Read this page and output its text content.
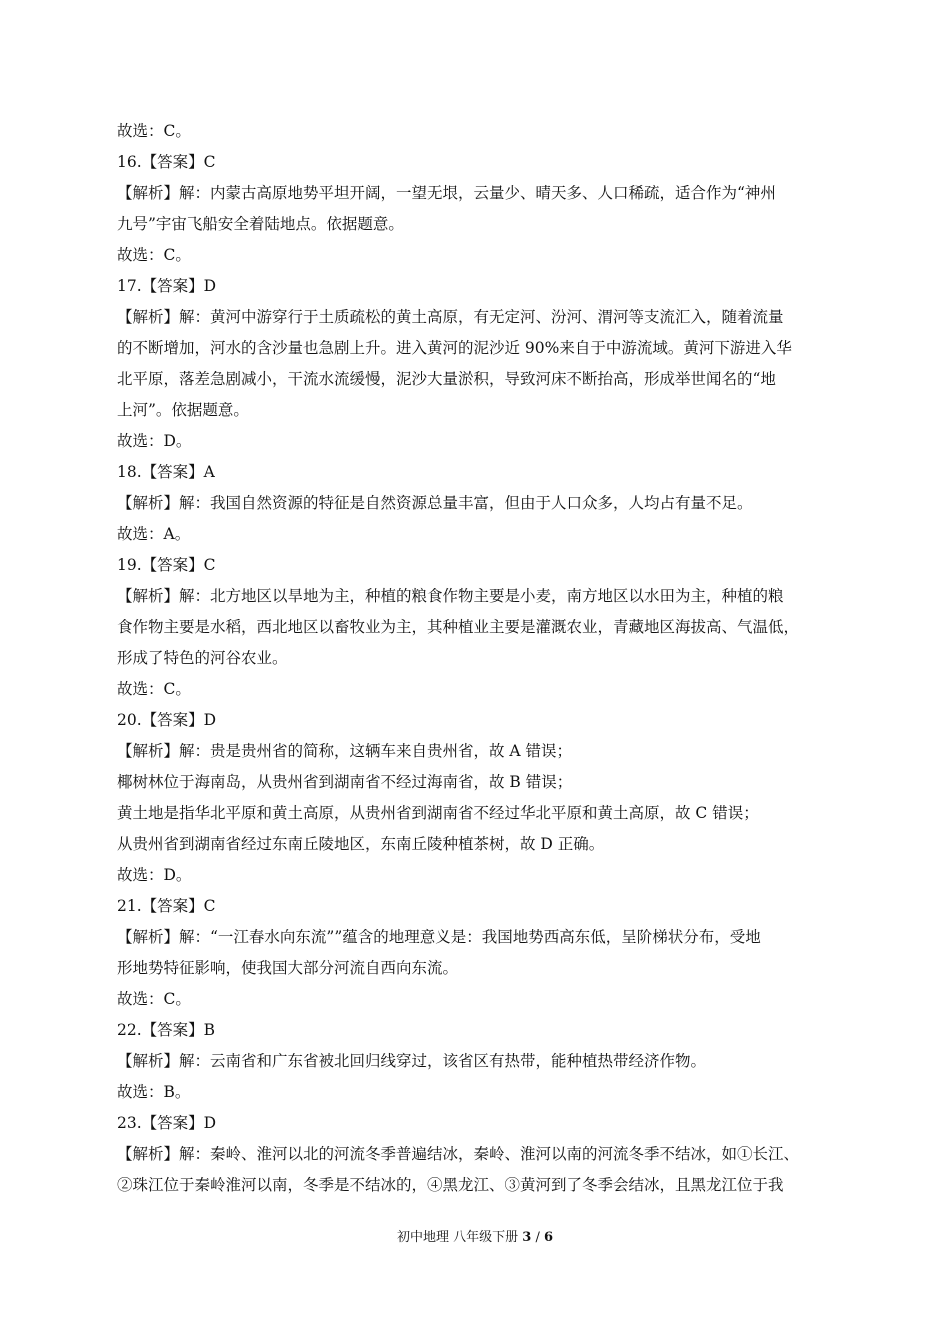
故选：C。
16.【答案】C
【解析】解：内蒙古高原地势平坦开阔，一望无垠，云量少、晴天多、人口稀疏，适合作为“神州
九号”宇宙飞船安全着陆地点。依据题意。
故选：C。
17.【答案】D
【解析】解：黄河中游穿行于土质疏松的黄土高原，有无定河、汾河、渭河等支流汇入，随着流量
的不断增加，河水的含沙量也急剧上升。进入黄河的泥沙近 90%来自于中游流域。黄河下游进入华
北平原，落差急剧减小，干流水流缓慢，泥沙大量淤积，导致河床不断抬高，形成举世闻名的“地
上河”。依据题意。
故选：D。
18.【答案】A
【解析】解：我国自然资源的特征是自然资源总量丰富，但由于人口众多，人均占有量不足。
故选：A。
19.【答案】C
【解析】解：北方地区以旱地为主，种植的粮食作物主要是小麦，南方地区以水田为主，种植的粮
食作物主要是水稻，西北地区以畜牧业为主，其种植业主要是灌溉农业，青藏地区海拔高、气温低，
形成了特色的河谷农业。
故选：C。
20.【答案】D
【解析】解：贵是贵州省的简称，这辆车来自贵州省，故 A 错误；
椰树林位于海南岛，从贵州省到湖南省不经过海南省，故 B 错误；
黄土地是指华北平原和黄土高原，从贵州省到湖南省不经过华北平原和黄土高原，故 C 错误；
从贵州省到湖南省经过东南丘陵地区，东南丘陵种植茶树，故 D 正确。
故选：D。
21.【答案】C
【解析】解：“一江春水向东流””蕴含的地理意义是：我国地势西高东低，呈阶梯状分布，受地
形地势特征影响，使我国大部分河流自西向东流。
故选：C。
22.【答案】B
【解析】解：云南省和广东省被北回归线穿过，该省区有热带，能种植热带经济作物。
故选：B。
23.【答案】D
【解析】解：秦岭、淮河以北的河流冬季普遍结冰，秦岭、淮河以南的河流冬季不结冰，如①长江、
②珠江位于秦岭淮河以南，冬季是不结冰的，④黑龙江、③黄河到了冬季会结冰，且黑龙江位于我
初中地理 八年级下册 3 / 6
